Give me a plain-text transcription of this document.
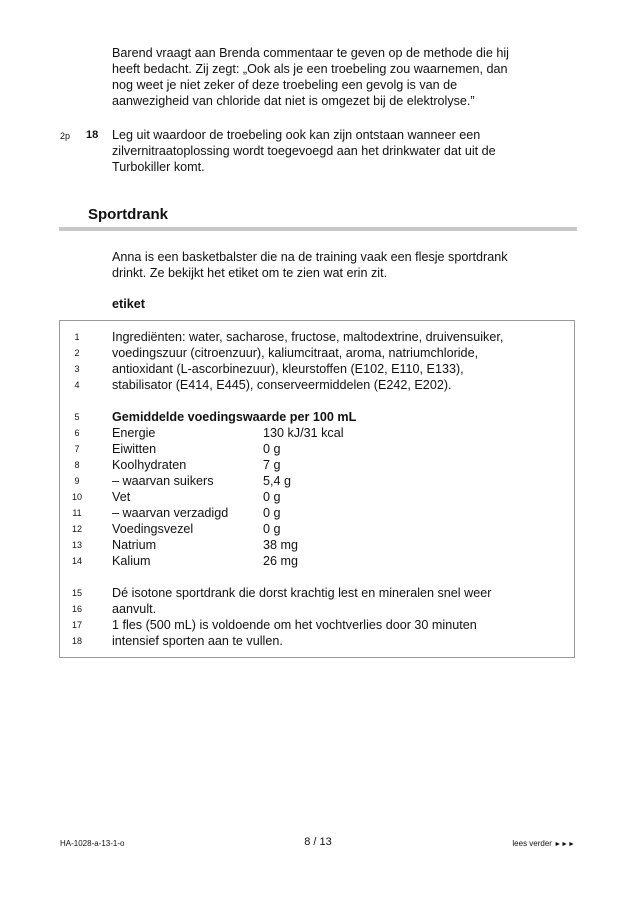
Barend vraagt aan Brenda commentaar te geven op de methode die hij
heeft bedacht. Zij zegt: „Ook als je een troebeling zou waarnemen, dan
nog weet je niet zeker of deze troebeling een gevolg is van de
aanwezigheid van chloride dat niet is omgezet bij de elektrolyse.”
2p 18 Leg uit waardoor de troebeling ook kan zijn ontstaan wanneer een
zilvernitraatoplossing wordt toegevoegd aan het drinkwater dat uit de
Turbokiller komt.
Sportdrank
Anna is een basketbalster die na de training vaak een flesje sportdrank
drinkt. Ze bekijkt het etiket om te zien wat erin zit.
etiket
1	Ingrediënten: water, sacharose, fructose, maltodextrine, druivensuiker,
2	voedingszuur (citroenzuur), kaliumcitraat, aroma, natriumchloride,
3	antioxidant (L-ascorbinezuur), kleurstoffen (E102, E110, E133),
4	stabilisator (E414, E445), conserveermiddelen (E242, E202).
5	Gemiddelde voedingswaarde per 100 mL
6	Energie	130 kJ/31 kcal
7	Eiwitten	0 g
8	Koolhydraten	7 g
9	– waarvan suikers	5,4 g
10	Vet	0 g
11	– waarvan verzadigd	0 g
12	Voedingsvezel	0 g
13	Natrium	38 mg
14	Kalium	26 mg
15	Dé isotone sportdrank die dorst krachtig lest en mineralen snel weer
16	aanvult.
17	1 fles (500 mL) is voldoende om het vochtverlies door 30 minuten
18	intensief sporten aan te vullen.
HA-1028-a-13-1-o	8 / 13	lees verder ►►►
